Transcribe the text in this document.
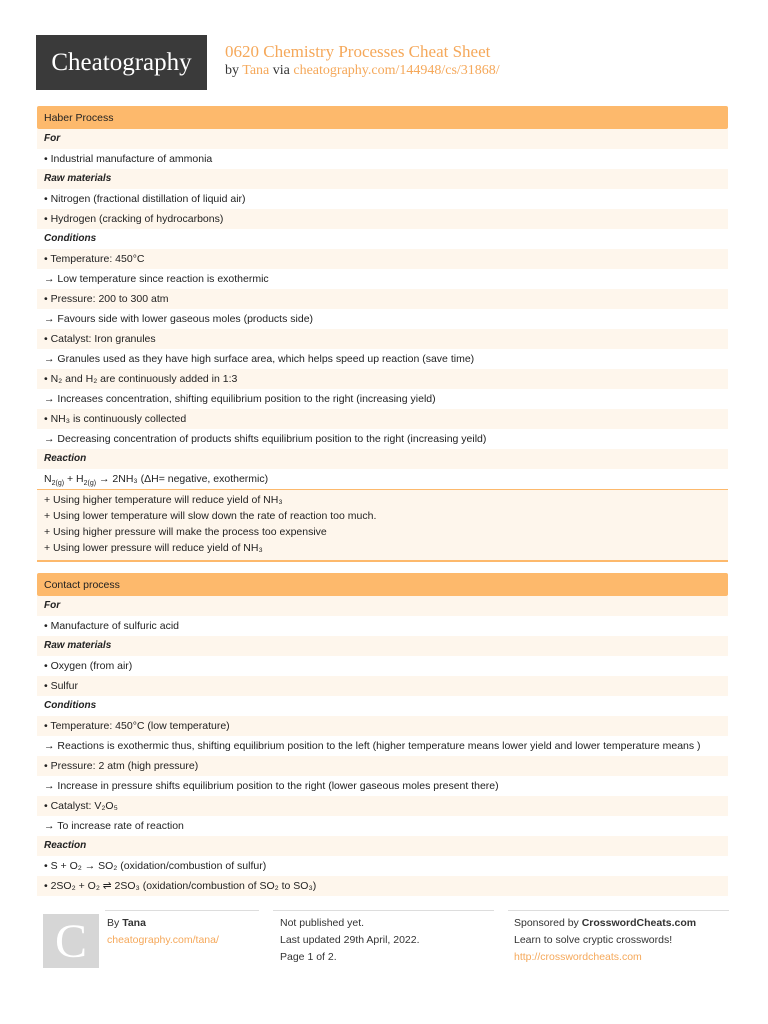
Cheatography 0620 Chemistry Processes Cheat Sheet
by Tana via cheatography.com/144948/cs/31868/
Haber Process
For
• Industrial manufacture of ammonia
Raw materials
• Nitrogen (fractional distillation of liquid air)
• Hydrogen (cracking of hydrocarbons)
Conditions
• Temperature: 450°C
→ Low temperature since reaction is exothermic
• Pressure: 200 to 300 atm
→ Favours side with lower gaseous moles (products side)
• Catalyst: Iron granules
→ Granules used as they have high surface area, which helps speed up reaction (save time)
• N₂ and H₂ are continuously added in 1:3
→ Increases concentration, shifting equilibrium position to the right (increasing yield)
• NH₃ is continuously collected
→ Decreasing concentration of products shifts equilibrium position to the right (increasing yeild)
Reaction
$N_{2(g)} + H_{2(g)} \to 2NH_3$ (ΔH= negative, exothermic)
+ Using higher temperature will reduce yield of NH₃
+ Using lower temperature will slow down the rate of reaction too much.
+ Using higher pressure will make the process too expensive
+ Using lower pressure will reduce yield of NH₃
Contact process
For
• Manufacture of sulfuric acid
Raw materials
• Oxygen (from air)
• Sulfur
Conditions
• Temperature: 450°C (low temperature)
→ Reactions is exothermic thus, shifting equilibrium position to the left (higher temperature means lower yield and lower temperature means )
• Pressure: 2 atm (high pressure)
→ Increase in pressure shifts equilibrium position to the right (lower gaseous moles present there)
• Catalyst: V₂O₅
→ To increase rate of reaction
Reaction
• S + O₂ → SO₂ (oxidation/combustion of sulfur)
• 2SO₂ + O₂ ⇌ 2SO₃ (oxidation/combustion of SO₂ to SO₃)
C By Tana
cheatography.com/tana/
Not published yet.
Last updated 29th April, 2022.
Page 1 of 2.
Sponsored by CrosswordCheats.com
Learn to solve cryptic crosswords!
http://crosswordcheats.com
